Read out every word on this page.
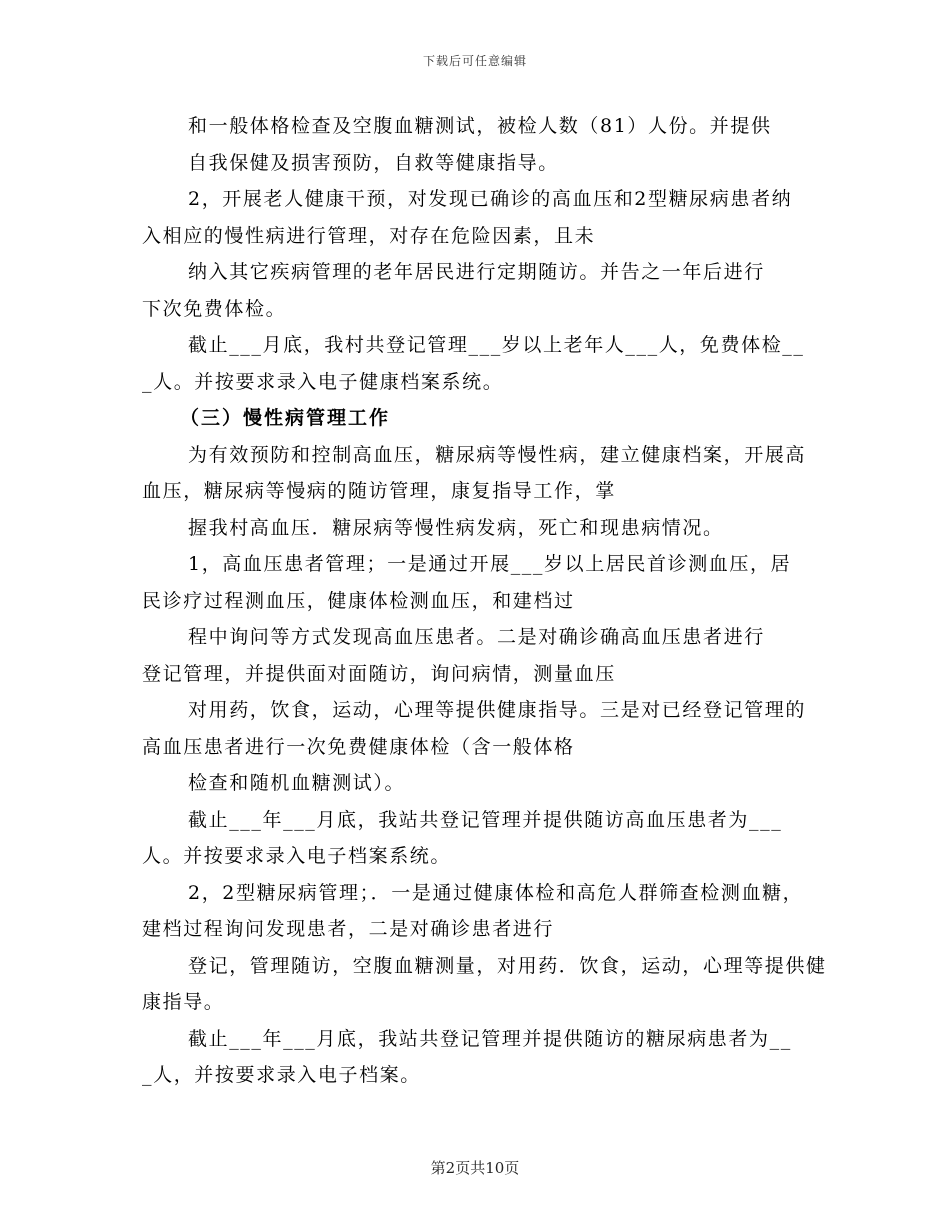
下载后可任意编辑
和一般体格检查及空腹血糖测试，被检人数（81）人份。并提供
自我保健及损害预防，自救等健康指导。
2，开展老人健康干预，对发现已确诊的高血压和2型糖尿病患者纳
入相应的慢性病进行管理，对存在危险因素，且未
纳入其它疾病管理的老年居民进行定期随访。并告之一年后进行
下次免费体检。
截止___月底，我村共登记管理___岁以上老年人___人，免费体检__
_人。并按要求录入电子健康档案系统。
（三）慢性病管理工作
为有效预防和控制高血压，糖尿病等慢性病，建立健康档案，开展高
血压，糖尿病等慢病的随访管理，康复指导工作，掌
握我村高血压．糖尿病等慢性病发病，死亡和现患病情况。
1，高血压患者管理；一是通过开展___岁以上居民首诊测血压，居
民诊疗过程测血压，健康体检测血压，和建档过
程中询问等方式发现高血压患者。二是对确诊确高血压患者进行
登记管理，并提供面对面随访，询问病情，测量血压
对用药，饮食，运动，心理等提供健康指导。三是对已经登记管理的
高血压患者进行一次免费健康体检（含一般体格
检查和随机血糖测试）。
截止___年___月底，我站共登记管理并提供随访高血压患者为___
人。并按要求录入电子档案系统。
2，2型糖尿病管理；．一是通过健康体检和高危人群筛查检测血糖，
建档过程询问发现患者，二是对确诊患者进行
登记，管理随访，空腹血糖测量，对用药．饮食，运动，心理等提供健
康指导。
截止___年___月底，我站共登记管理并提供随访的糖尿病患者为__
_人，并按要求录入电子档案。
第2页共10页
